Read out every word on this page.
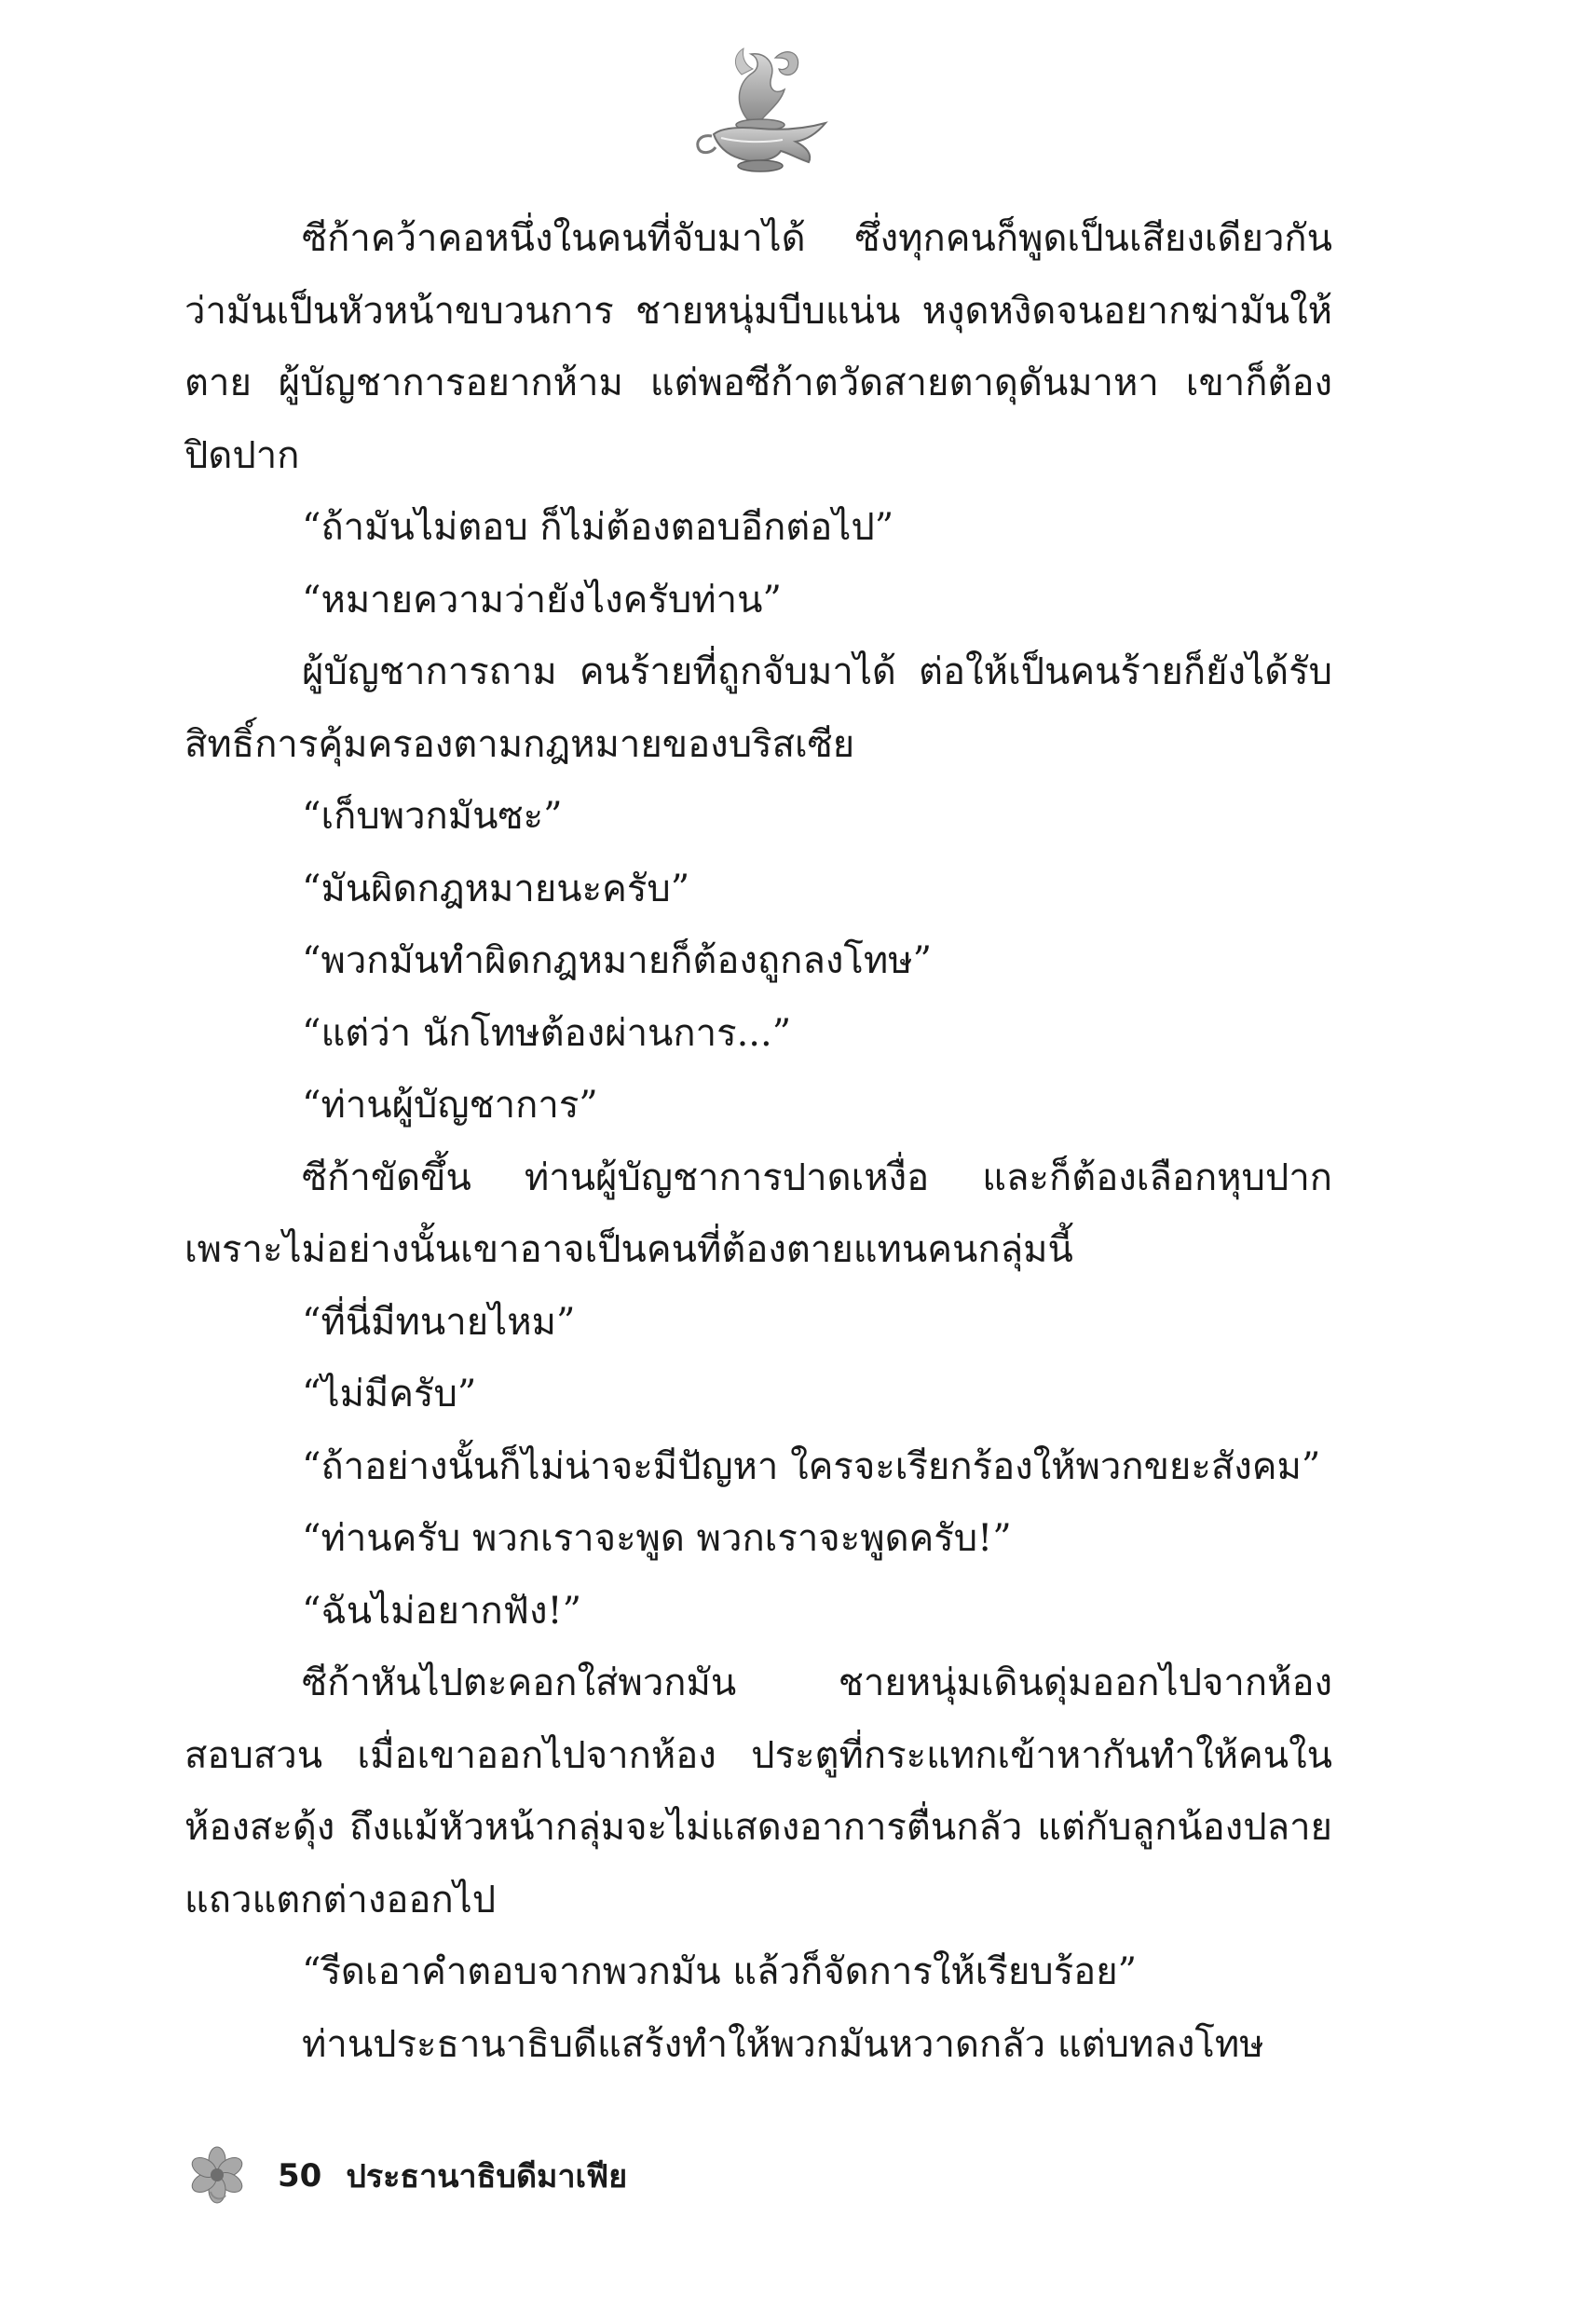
ซีก้าคว้าคอหนึ่งในคนที่จับมาได้ ซึ่งทุกคนก็พูดเป็นเสียงเดียวกันว่ามันเป็นหัวหน้าขบวนการ ชายหนุ่มบีบแน่น หงุดหงิดจนอยากฆ่ามันให้ตาย ผู้บัญชาการอยากห้าม แต่พอซีก้าตวัดสายตาดุดันมาหา เขาก็ต้องปิดปาก

“ถ้ามันไม่ตอบ ก็ไม่ต้องตอบอีกต่อไป”

“หมายความว่ายังไงครับท่าน”

ผู้บัญชาการถาม คนร้ายที่ถูกจับมาได้ ต่อให้เป็นคนร้ายก็ยังได้รับสิทธิ์การคุ้มครองตามกฎหมายของบริสเซีย

“เก็บพวกมันซะ”

“มันผิดกฎหมายนะครับ”

“พวกมันทำผิดกฎหมายก็ต้องถูกลงโทษ”

“แต่ว่า นักโทษต้องผ่านการ...”

“ท่านผู้บัญชาการ”

ซีก้าขัดขึ้น ท่านผู้บัญชาการปาดเหงื่อ และก็ต้องเลือกหุบปากเพราะไม่อย่างนั้นเขาอาจเป็นคนที่ต้องตายแทนคนกลุ่มนี้

“ที่นี่มีทนายไหม”

“ไม่มีครับ”

“ถ้าอย่างนั้นก็ไม่น่าจะมีปัญหา ใครจะเรียกร้องให้พวกขยะสังคม”

“ท่านครับ พวกเราจะพูด พวกเราจะพูดครับ!”

“ฉันไม่อยากฟัง!”

ซีก้าหันไปตะคอกใส่พวกมัน ชายหนุ่มเดินดุ่มออกไปจากห้องสอบสวน เมื่อเขาออกไปจากห้อง ประตูที่กระแทกเข้าหากันทำให้คนในห้องสะดุ้ง ถึงแม้หัวหน้ากลุ่มจะไม่แสดงอาการตื่นกลัว แต่กับลูกน้องปลายแถวแตกต่างออกไป

“รีดเอาคำตอบจากพวกมัน แล้วก็จัดการให้เรียบร้อย”

ท่านประธานาธิบดีแสร้งทำให้พวกมันหวาดกลัว แต่บทลงโทษ

50 ประธานาธิบดีมาเฟีย
